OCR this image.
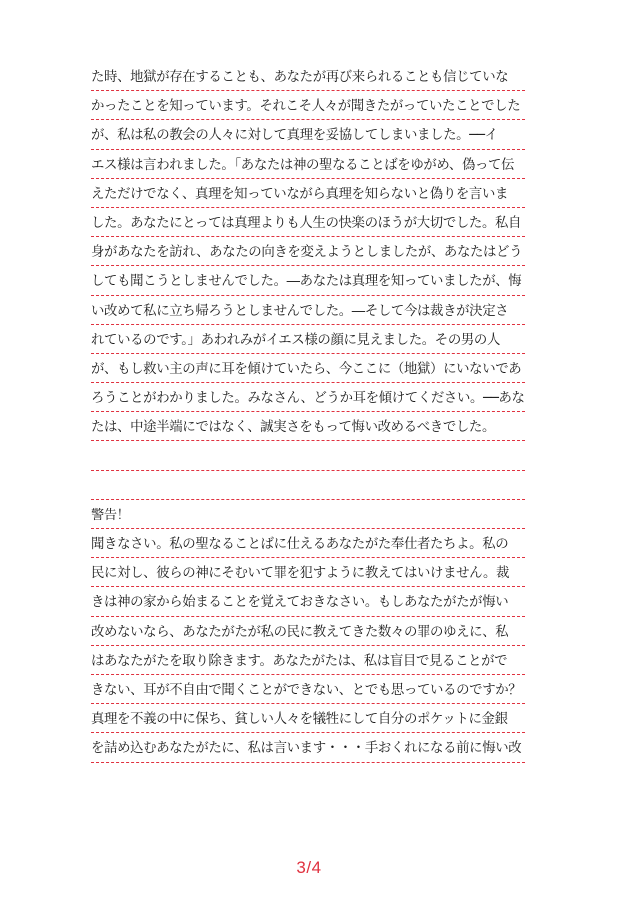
た時、地獄が存在することも、あなたが再び来られることも信じていな
かったことを知っています。それこそ人々が聞きたがっていたことでした
が、私は私の教会の人々に対して真理を妥協してしまいました。──イ
エス様は言われました。「あなたは神の聖なることばをゆがめ、偽って伝
えただけでなく、真理を知っていながら真理を知らないと偽りを言いま
した。あなたにとっては真理よりも人生の快楽のほうが大切でした。私自
身があなたを訪れ、あなたの向きを変えようとしましたが、あなたはどう
しても聞こうとしませんでした。―あなたは真理を知っていましたが、悔
い改めて私に立ち帰ろうとしませんでした。―そして今は裁きが決定さ
れているのです。」あわれみがイエス様の顔に見えました。その男の人
が、もし救い主の声に耳を傾けていたら、今ここに（地獄）にいないであ
ろうことがわかりました。みなさん、どうか耳を傾けてください。──あな
たは、中途半端にではなく、誠実さをもって悔い改めるべきでした。
警告！
聞きなさい。私の聖なることばに仕えるあなたがた奉仕者たちよ。私の
民に対し、彼らの神にそむいて罪を犯すように教えてはいけません。裁
きは神の家から始まることを覚えておきなさい。もしあなたがたが悔い
改めないなら、あなたがたが私の民に教えてきた数々の罪のゆえに、私
はあなたがたを取り除きます。あなたがたは、私は盲目で見ることがで
きない、耳が不自由で聞くことができない、とでも思っているのですか？
真理を不義の中に保ち、貧しい人々を犠牲にして自分のポケットに金銀
を詰め込むあなたがたに、私は言います・・・手おくれになる前に悔い改
3/4
